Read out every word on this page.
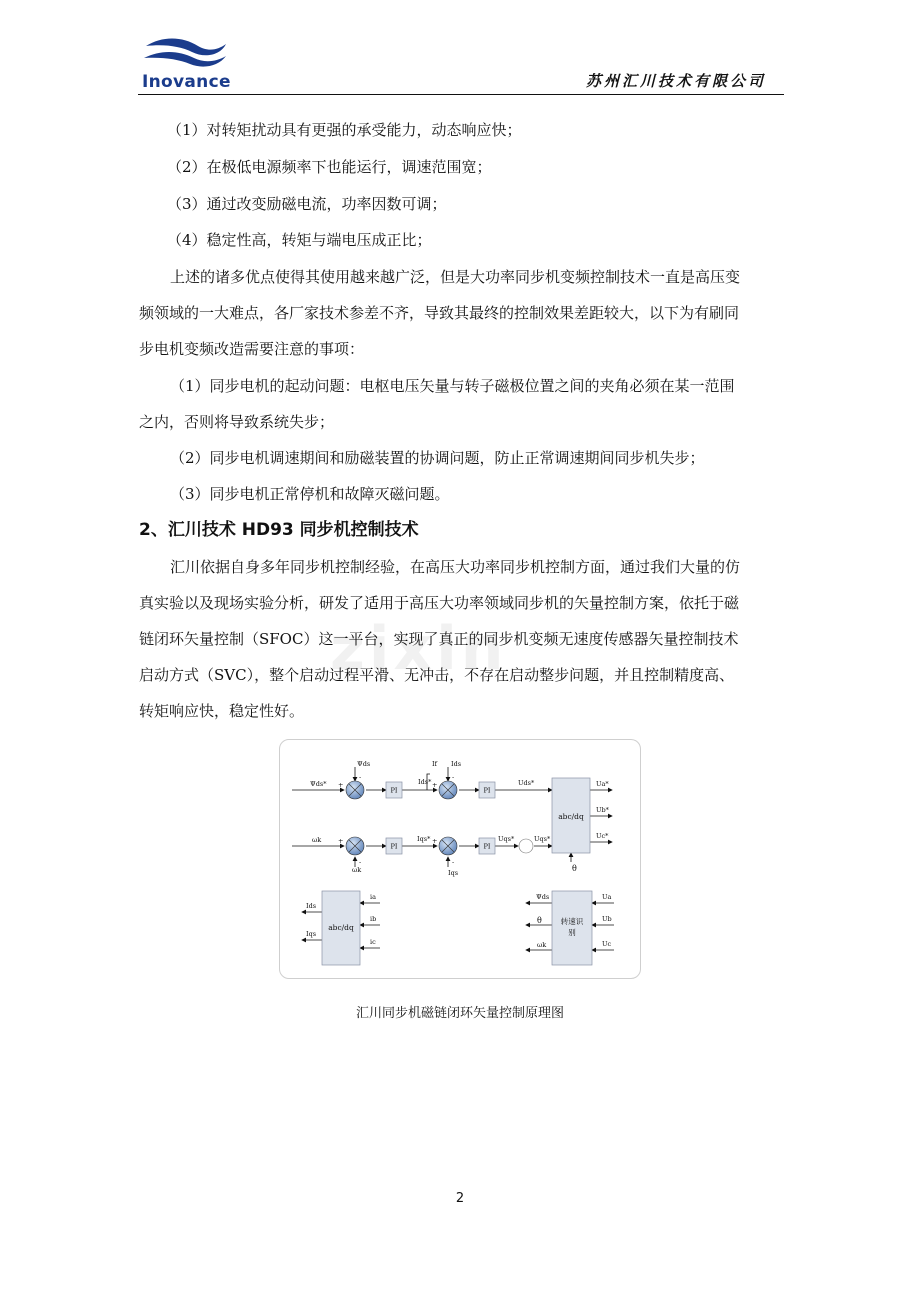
zixin
Inovance	苏州汇川技术有限公司
（1）对转矩扰动具有更强的承受能力，动态响应快；
（2）在极低电源频率下也能运行，调速范围宽；
（3）通过改变励磁电流，功率因数可调；
（4）稳定性高，转矩与端电压成正比；
上述的诸多优点使得其使用越来越广泛，但是大功率同步机变频控制技术一直是高压变
频领域的一大难点，各厂家技术参差不齐，导致其最终的控制效果差距较大，以下为有刷同
步电机变频改造需要注意的事项：
（1）同步电机的起动问题：电枢电压矢量与转子磁极位置之间的夹角必须在某一范围
之内，否则将导致系统失步；
（2）同步电机调速期间和励磁装置的协调问题，防止正常调速期间同步机失步；
（3）同步电机正常停机和故障灭磁问题。
2、汇川技术 HD93 同步机控制技术
汇川依据自身多年同步机控制经验，在高压大功率同步机控制方面，通过我们大量的仿
真实验以及现场实验分析，研发了适用于高压大功率领域同步机的矢量控制方案，依托于磁
链闭环矢量控制（SFOC）这一平台，实现了真正的同步机变频无速度传感器矢量控制技术
启动方式（SVC），整个启动过程平滑、无冲击，不存在启动整步问题，并且控制精度高、
转矩响应快，稳定性好。
PI	PI
PI	PI
abc/dq
abc/dq
转速识
别
Ψds*
Ψds	If Ids
Ids*	Uds*
ωk
ωk
Iqs*
Iqs
Uqs*	Uqs*
Ua*
Ub*
Uc*
θ
Ids
Iqs
ia
ib
ic
Ψds
θ
ωk
Ua
Ub
Uc
+
-
+
-
+
-
+
-
汇川同步机磁链闭环矢量控制原理图
2
